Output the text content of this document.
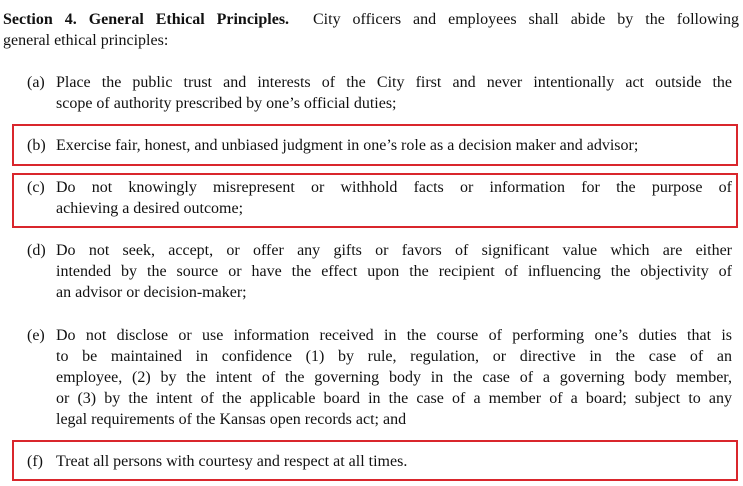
Section 4. General Ethical Principles. City officers and employees shall abide by the following
general ethical principles:
(a) Place the public trust and interests of the City first and never intentionally act outside the
scope of authority prescribed by one’s official duties;
(b) Exercise fair, honest, and unbiased judgment in one’s role as a decision maker and advisor;
(c) Do not knowingly misrepresent or withhold facts or information for the purpose of
achieving a desired outcome;
(d) Do not seek, accept, or offer any gifts or favors of significant value which are either
intended by the source or have the effect upon the recipient of influencing the objectivity of
an advisor or decision-maker;
(e) Do not disclose or use information received in the course of performing one’s duties that is
to be maintained in confidence (1) by rule, regulation, or directive in the case of an
employee, (2) by the intent of the governing body in the case of a governing body member,
or (3) by the intent of the applicable board in the case of a member of a board; subject to any
legal requirements of the Kansas open records act; and
(f) Treat all persons with courtesy and respect at all times.
